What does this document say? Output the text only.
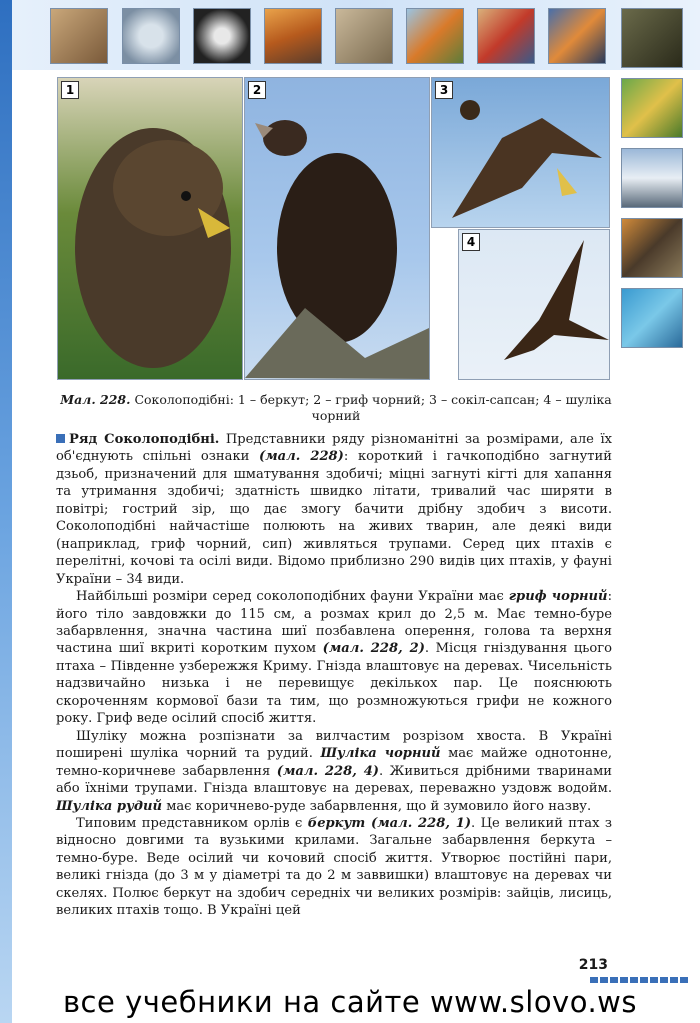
1	2	3
4
Мал. 228. Соколоподібні: 1 – беркут; 2 – гриф чорний; 3 – сокіл-сапсан; 4 – шуліка чорний

Ряд Соколоподібні. Представники ряду різноманітні за розмірами, але їх об'єднують спільні ознаки (мал. 228): короткий і гачкоподібно загнутий дзьоб, призначений для шматування здобичі; міцні загнуті кігті для хапання та утримання здобичі; здатність швидко літати, тривалий час ширяти в повітрі; гострий зір, що дає змогу бачити дрібну здобич з висоти. Соколоподібні найчастіше полюють на живих тварин, але деякі види (наприклад, гриф чорний, сип) живляться трупами. Серед цих птахів є перелітні, кочові та осілі види. Відомо приблизно 290 видів цих птахів, у фауні України – 34 види.

Найбільші розміри серед соколоподібних фауни України має гриф чорний: його тіло завдовжки до 115 см, а розмах крил до 2,5 м. Має темно-буре забарвлення, значна частина шиї позбавлена оперення, голова та верхня частина шиї вкриті коротким пухом (мал. 228, 2). Місця гніздування цього птаха – Південне узбережжя Криму. Гнізда влаштовує на деревах. Чисельність надзвичайно низька і не перевищує декількох пар. Це пояснюють скороченням кормової бази та тим, що розмножуються грифи не кожного року. Гриф веде осілий спосіб життя.

Шуліку можна розпізнати за вилчастим розрізом хвоста. В Україні поширені шуліка чорний та рудий. Шуліка чорний має майже однотонне, темно-коричневе забарвлення (мал. 228, 4). Живиться дрібними тваринами або їхніми трупами. Гнізда влаштовує на деревах, переважно уздовж водойм. Шуліка рудий має коричнево-руде забарвлення, що й зумовило його назву.

Типовим представником орлів є беркут (мал. 228, 1). Це великий птах з відносно довгими та вузькими крилами. Загальне забарвлення беркута – темно-буре. Веде осілий чи кочовий спосіб життя. Утворює постійні пари, великі гнізда (до 3 м у діаметрі та до 2 м заввишки) влаштовує на деревах чи скелях. Полює беркут на здобич середніх чи великих розмірів: зайців, лисиць, великих птахів тощо. В Україні цей

213
все учебники на сайте www.slovo.ws
